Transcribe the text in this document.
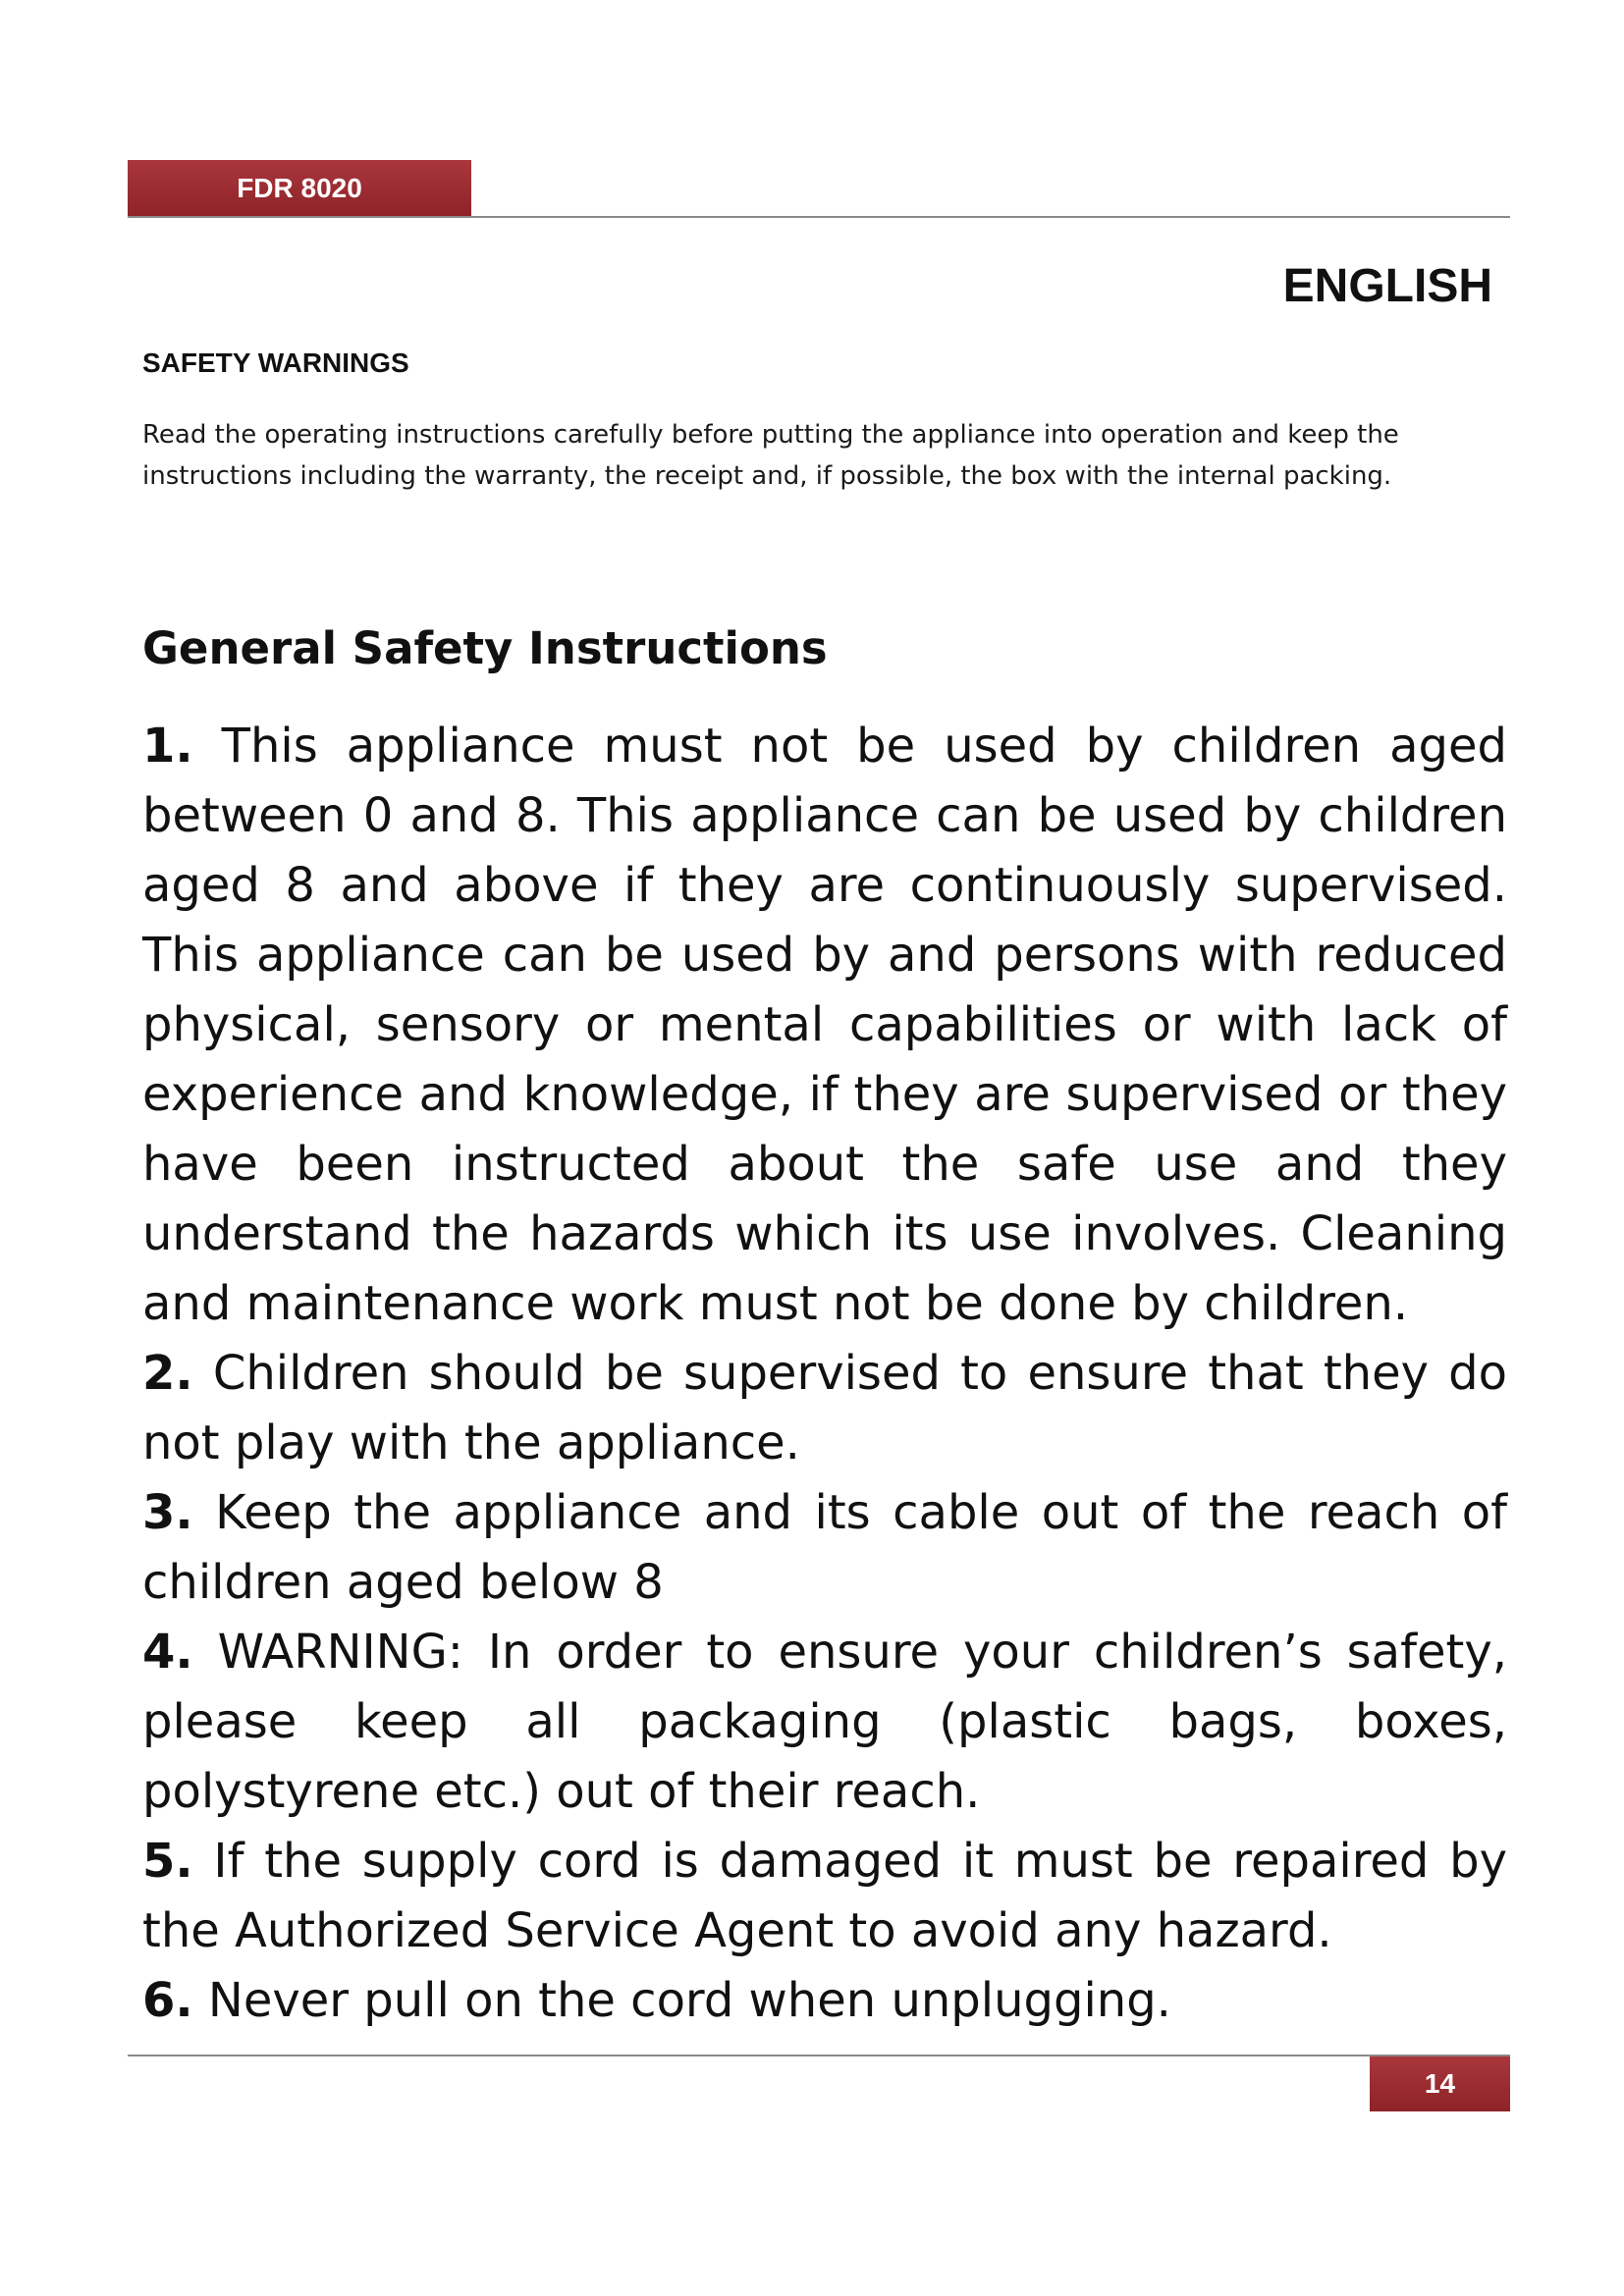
FDR 8020
ENGLISH
SAFETY WARNINGS

Read the operating instructions carefully before putting the appliance into operation and keep the instructions including the warranty, the receipt and, if possible, the box with the internal packing.

General Safety Instructions
1. This appliance must not be used by children aged between 0 and 8. This appliance can be used by children aged 8 and above if they are continuously supervised. This appliance can be used by and persons with reduced physical, sensory or mental capabilities or with lack of experience and knowledge, if they are supervised or they have been instructed about the safe use and they understand the hazards which its use involves. Cleaning and maintenance work must not be done by children.
2. Children should be supervised to ensure that they do not play with the appliance.
3. Keep the appliance and its cable out of the reach of children aged below 8
4. WARNING: In order to ensure your children’s safety, please keep all packaging (plastic bags, boxes, polystyrene etc.) out of their reach.
5. If the supply cord is damaged it must be repaired by the Authorized Service Agent to avoid any hazard.
6. Never pull on the cord when unplugging.
14
